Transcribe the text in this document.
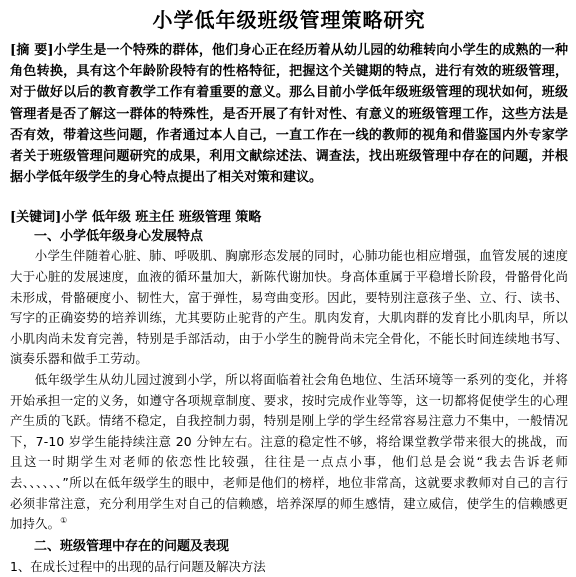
小学低年级班级管理策略研究

[摘 要]小学生是一个特殊的群体，他们身心正在经历着从幼儿园的幼稚转向小学生的成熟的一种角色转换，具有这个年龄阶段特有的性格特征，把握这个关键期的特点，进行有效的班级管理，对于做好以后的教育教学工作有着重要的意义。那么目前小学低年级班级管理的现状如何，班级管理者是否了解这一群体的特殊性，是否开展了有针对性、有意义的班级管理工作，这些方法是否有效，带着这些问题，作者通过本人自己，一直工作在一线的教师的视角和借鉴国内外专家学者关于班级管理问题研究的成果，利用文献综述法、调查法，找出班级管理中存在的问题，并根据小学低年级学生的身心特点提出了相关对策和建议。

[关键词]小学 低年级 班主任 班级管理 策略

一、小学低年级身心发展特点

小学生伴随着心脏、肺、呼吸肌、胸廓形态发展的同时，心肺功能也相应增强，血管发展的速度大于心脏的发展速度，血液的循环量加大，新陈代谢加快。身高体重属于平稳增长阶段，骨骼骨化尚未形成，骨骼硬度小、韧性大，富于弹性，易弯曲变形。因此，要特别注意孩子坐、立、行、读书、写字的正确姿势的培养训练，尤其要防止驼背的产生。肌肉发育，大肌肉群的发育比小肌肉早，所以小肌肉尚未发育完善，特别是手部活动，由于小学生的腕骨尚未完全骨化，不能长时间连续地书写、演奏乐器和做手工劳动。

低年级学生从幼儿园过渡到小学，所以将面临着社会角色地位、生活环境等一系列的变化，并将开始承担一定的义务，如遵守各项规章制度、要求，按时完成作业等等，这一切都将促使学生的心理产生质的飞跃。情绪不稳定，自我控制力弱，特别是刚上学的学生经常容易注意力不集中，一般情况下，7-10 岁学生能持续注意 20 分钟左右。注意的稳定性不够，将给课堂教学带来很大的挑战，而且这一时期学生对老师的依恋性比较强，往往是一点点小事，他们总是会说“我去告诉老师去、、、、、、”所以在低年级学生的眼中，老师是他们的榜样，地位非常高，这就要求教师对自己的言行必须非常注意，充分利用学生对自己的信赖感，培养深厚的师生感情，建立威信，使学生的信赖感更加持久。①

二、班级管理中存在的问题及表现

1、在成长过程中的出现的品行问题及解决方法
